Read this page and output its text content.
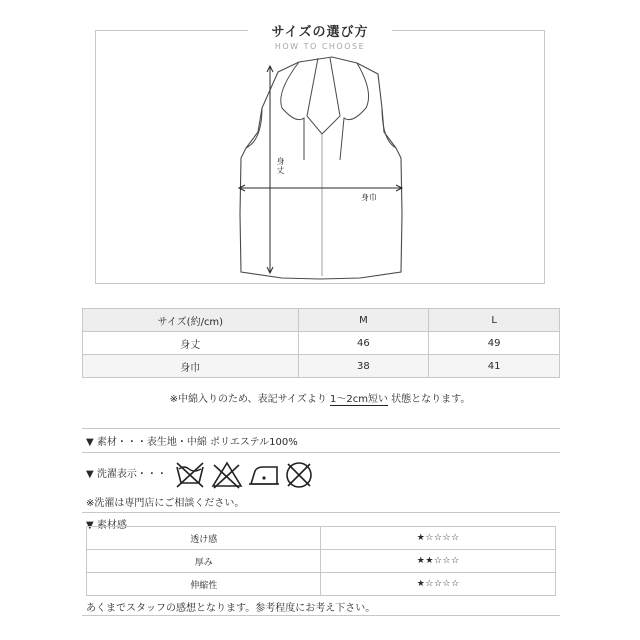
サイズの選び方
HOW TO CHOOSE
身丈
身巾
サイズ(約/cm)	M	L
身丈	46	49
身巾	38	41
※中綿入りのため、表記サイズより 1〜2cm短い 状態となります。
▼ 素材・・・表生地・中綿 ポリエステル100%
▼ 洗濯表示・・・
※洗濯は専門店にご相談ください。
▼ 素材感
透け感	★☆☆☆☆
厚み	★★☆☆☆
伸縮性	★☆☆☆☆
あくまでスタッフの感想となります。参考程度にお考え下さい。
